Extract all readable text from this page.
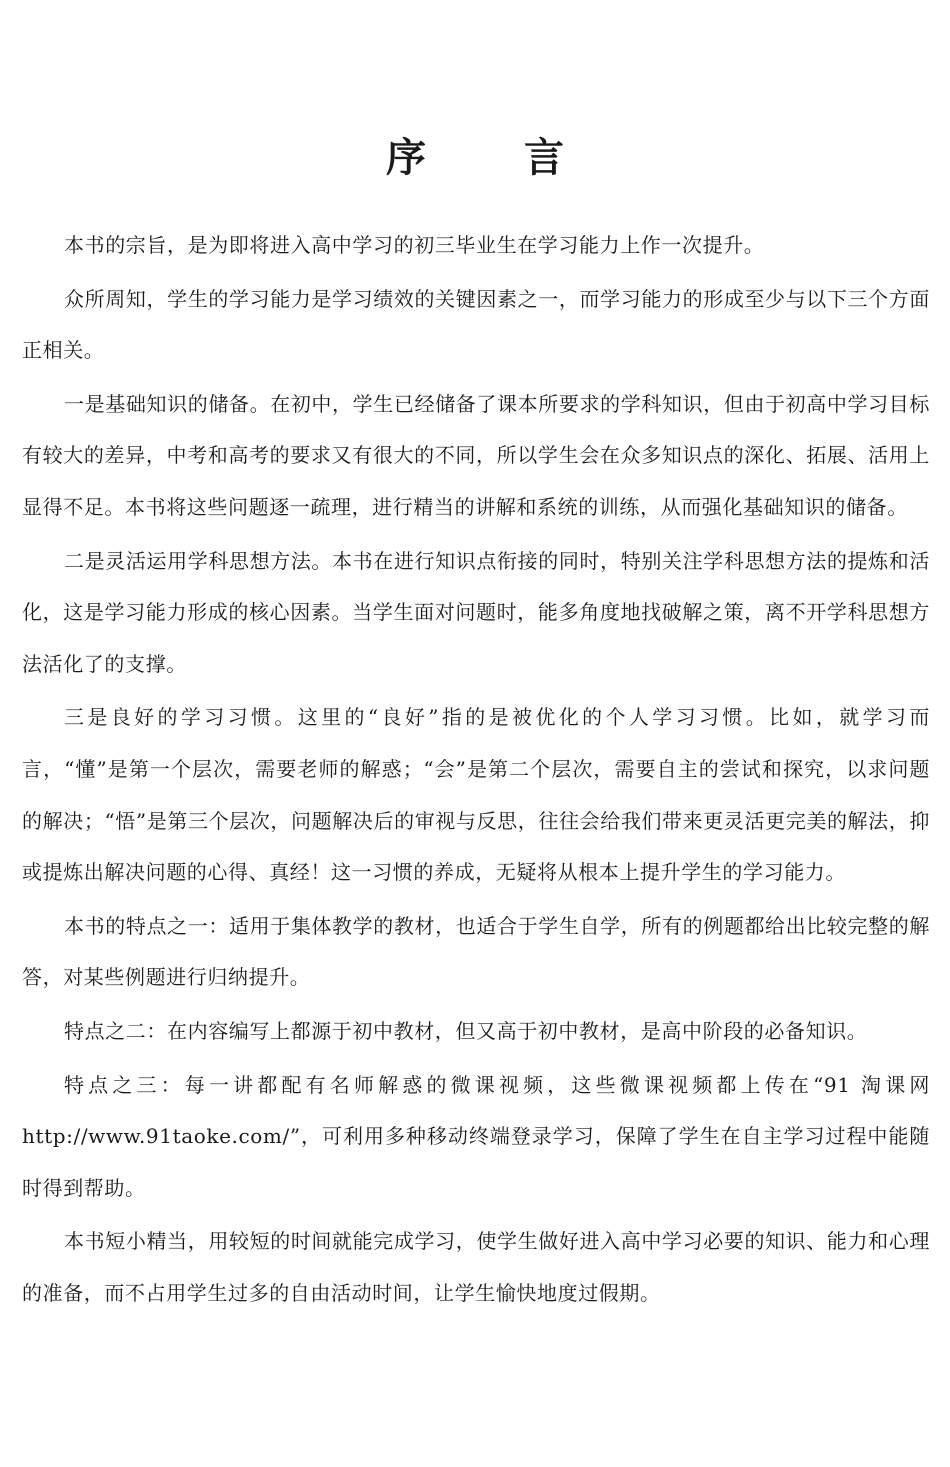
序 言

本书的宗旨，是为即将进入高中学习的初三毕业生在学习能力上作一次提升。

众所周知，学生的学习能力是学习绩效的关键因素之一，而学习能力的形成至少与以下三个方面正相关。

一是基础知识的储备。在初中，学生已经储备了课本所要求的学科知识，但由于初高中学习目标有较大的差异，中考和高考的要求又有很大的不同，所以学生会在众多知识点的深化、拓展、活用上显得不足。本书将这些问题逐一疏理，进行精当的讲解和系统的训练，从而强化基础知识的储备。

二是灵活运用学科思想方法。本书在进行知识点衔接的同时，特别关注学科思想方法的提炼和活化，这是学习能力形成的核心因素。当学生面对问题时，能多角度地找破解之策，离不开学科思想方法活化了的支撑。

三是良好的学习习惯。这里的“良好”指的是被优化的个人学习习惯。比如，就学习而言，“懂”是第一个层次，需要老师的解惑；“会”是第二个层次，需要自主的尝试和探究，以求问题的解决；“悟”是第三个层次，问题解决后的审视与反思，往往会给我们带来更灵活更完美的解法，抑或提炼出解决问题的心得、真经！这一习惯的养成，无疑将从根本上提升学生的学习能力。

本书的特点之一：适用于集体教学的教材，也适合于学生自学，所有的例题都给出比较完整的解答，对某些例题进行归纳提升。

特点之二：在内容编写上都源于初中教材，但又高于初中教材，是高中阶段的必备知识。

特点之三：每一讲都配有名师解惑的微课视频，这些微课视频都上传在“91 淘课网 http://www.91taoke.com/”，可利用多种移动终端登录学习，保障了学生在自主学习过程中能随时得到帮助。

本书短小精当，用较短的时间就能完成学习，使学生做好进入高中学习必要的知识、能力和心理的准备，而不占用学生过多的自由活动时间，让学生愉快地度过假期。
